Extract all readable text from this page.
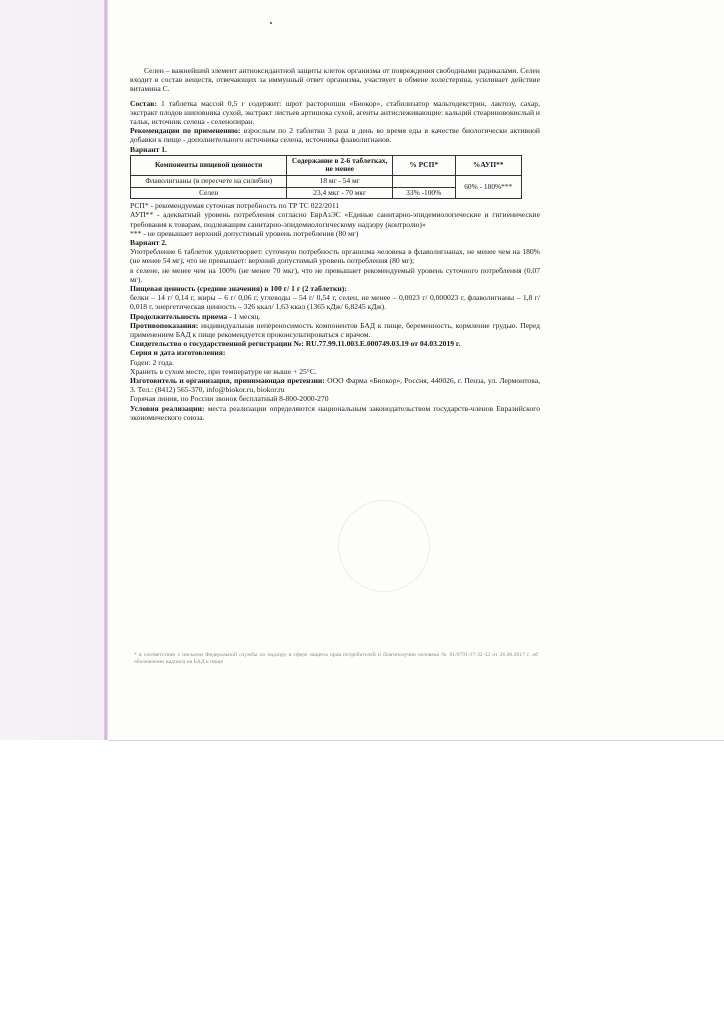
Селен – важнейший элемент антиоксидантной защиты клеток организма от повреждения свободными радикалами. Селен входит в состав веществ, отвечающих за иммунный ответ организма, участвует в обмене холестерина, усиливает действие витамина С.

Состав: 1 таблетка массой 0,5 г содержит: шрот расторопши «Биокор», стабилизатор мальтодекстрин, лактозу, сахар, экстракт плодов шиповника сухой, экстракт листьев артишока сухой, агенты антислеживающие: кальций стеариновокислый и тальк, источник селена - селенопиран.

Рекомендации по применению: взрослым по 2 таблетки 3 раза в день во время еды в качестве биологически активной добавки к пище - дополнительного источника селена, источника флаволигнанов.

Вариант 1.

Компоненты пищевой ценности	Содержание в 2-6 таблетках, не менее	% РСП*	%АУП**
Флаволигнаны (в пересчете на силибин)	18 мг - 54 мг		60% - 180%***
Селен	23,4 мкг - 70 мкг	33% -100%	

РСП* - рекомендуемая суточная потребность по ТР ТС 022/2011

АУП** - адекватный уровень потребления согласно ЕврАзЭС «Единые санитарно-эпидемиологические и гигиенические требования к товарам, подлежащим санитарно-эпидемиологическому надзору (контролю)»

*** - не превышает верхний допустимый уровень потребления (80 мг)

Вариант 2.

Употребление 6 таблеток удовлетворяет: суточную потребность организма человека в флаволигнанах, не менее чем на 180% (не менее 54 мг), что не превышает: верхний допустимый уровень потребления (80 мг);

в селене, не менее чем на 100% (не менее 70 мкг), что не превышает рекомендуемый уровень суточного потребления (0,07 мг).

Пищевая ценность (средние значения) в 100 г/ 1 г (2 таблетки):

белки – 14 г/ 0,14 г, жиры – 6 г/ 0,06 г, углеводы – 54 г/ 0,54 г, селен, не менее – 0,0023 г/ 0,000023 г, флаволигнаны – 1,8 г/ 0,018 г, энергетическая ценность – 326 ккал/ 1,63 ккал (1365 кДж/ 6,8245 кДж).

Продолжительность приема - 1 месяц.

Противопоказания: индивидуальная непереносимость компонентов БАД к пище, беременность, кормление грудью. Перед применением БАД к пище рекомендуется проконсультироваться с врачом.

Свидетельство о государственной регистрации №: RU.77.99.11.003.Е.000749.03.19 от 04.03.2019 г.

Серия и дата изготовления:

Годен: 2 года.

Хранить в сухом месте, при температуре не выше + 25°С.

Изготовитель и организация, принимающая претензии: ООО Фарма «Биокор», Россия, 440026, г. Пенза, ул. Лермонтова, 3. Тел.: (8412) 565-370, info@biokor.ru, biokor.ru

Горячая линия, по России звонок бесплатный 8-800-2000-270

Условия реализации: места реализации определяются национальным законодательством государств-членов Евразийского экономического союза.

* в соответствии с письмом Федеральной службы по надзору в сфере защиты прав потребителей и благополучия человека № 01/6791-17-32-32 от 26.06.2017 г. об обозначении надписи на БАД к пище
